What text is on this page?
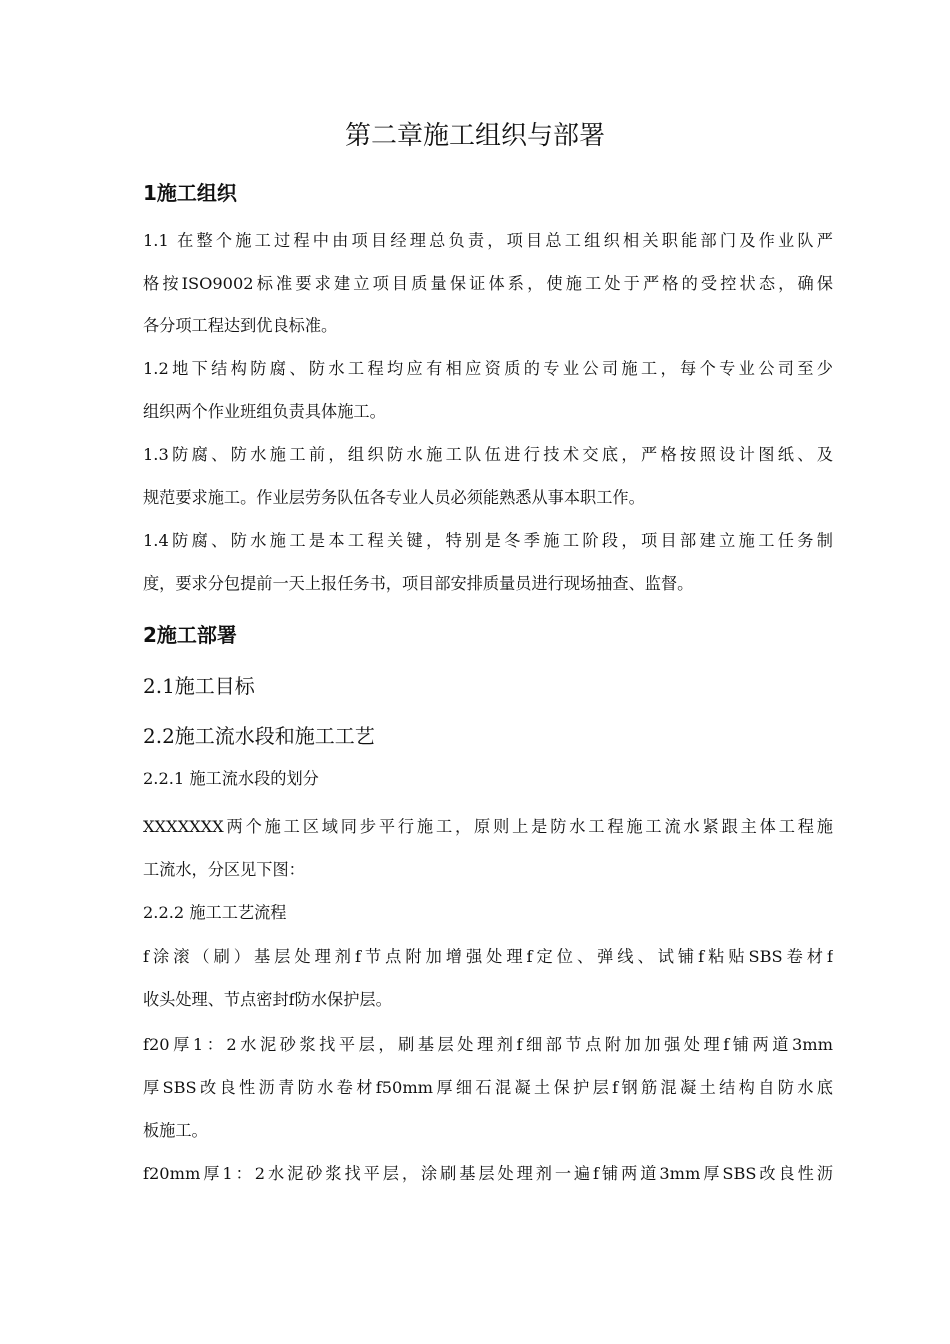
第二章施工组织与部署
1施工组织
1.1 在整个施工过程中由项目经理总负责，项目总工组织相关职能部门及作业队严
格按ISO9002标准要求建立项目质量保证体系，使施工处于严格的受控状态，确保
各分项工程达到优良标准。
1.2地下结构防腐、防水工程均应有相应资质的专业公司施工，每个专业公司至少
组织两个作业班组负责具体施工。
1.3防腐、防水施工前，组织防水施工队伍进行技术交底，严格按照设计图纸、及
规范要求施工。作业层劳务队伍各专业人员必须能熟悉从事本职工作。
1.4防腐、防水施工是本工程关键，特别是冬季施工阶段，项目部建立施工任务制
度，要求分包提前一天上报任务书，项目部安排质量员进行现场抽查、监督。
2施工部署
2.1施工目标
2.2施工流水段和施工工艺
2.2.1 施工流水段的划分
XXXXXXX两个施工区域同步平行施工，原则上是防水工程施工流水紧跟主体工程施
工流水，分区见下图：
2.2.2 施工工艺流程
f涂滚（刷）基层处理剂f节点附加增强处理f定位、弹线、试铺f粘贴SBS卷材f
收头处理、节点密封f防水保护层。
f20厚1：2水泥砂浆找平层，刷基层处理剂f细部节点附加加强处理f铺两道3mm
厚SBS改良性沥青防水卷材f50mm厚细石混凝土保护层f钢筋混凝土结构自防水底
板施工。
f20mm厚1：2水泥砂浆找平层，涂刷基层处理剂一遍f铺两道3mm厚SBS改良性沥
